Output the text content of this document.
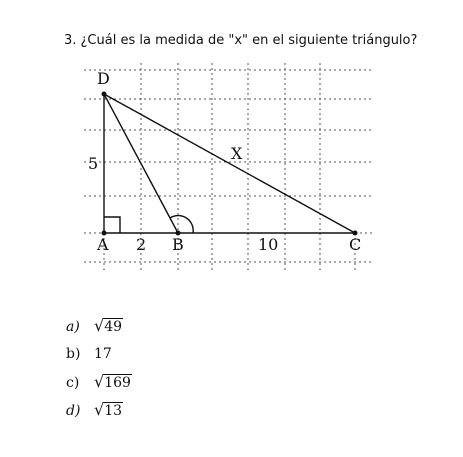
3. ¿Cuál es la medida de "x" en el siguiente triángulo?
D
A	B	C
5
2	10
X
a) √49
b) 17
c) √169
d) √13
